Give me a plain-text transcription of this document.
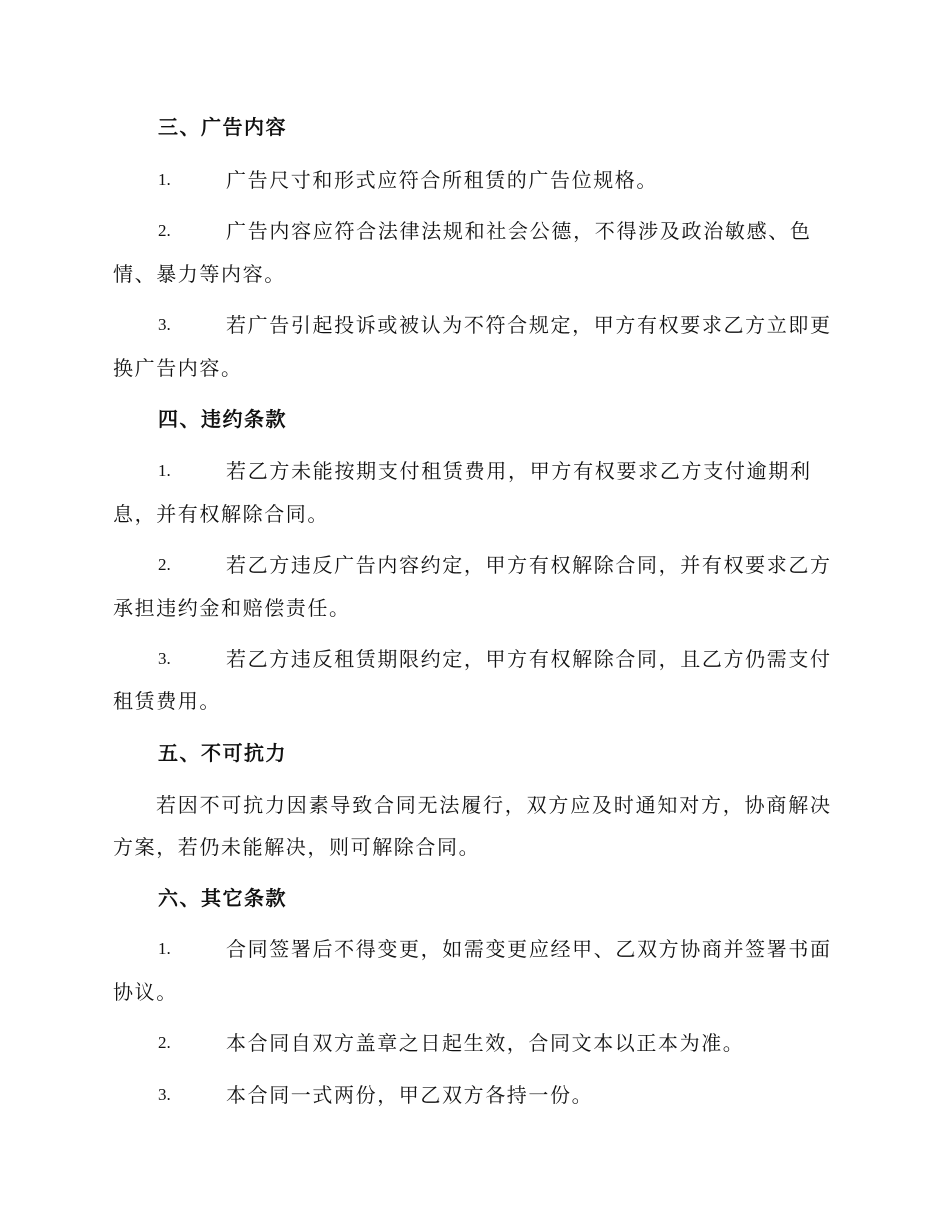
三、广告内容
1.	广告尺寸和形式应符合所租赁的广告位规格。
2.	广告内容应符合法律法规和社会公德，不得涉及政治敏感、色
情、暴力等内容。
3.	若广告引起投诉或被认为不符合规定，甲方有权要求乙方立即更
换广告内容。
四、违约条款
1.	若乙方未能按期支付租赁费用，甲方有权要求乙方支付逾期利
息，并有权解除合同。
2.	若乙方违反广告内容约定，甲方有权解除合同，并有权要求乙方
承担违约金和赔偿责任。
3.	若乙方违反租赁期限约定，甲方有权解除合同，且乙方仍需支付
租赁费用。
五、不可抗力
若因不可抗力因素导致合同无法履行，双方应及时通知对方，协商解决
方案，若仍未能解决，则可解除合同。
六、其它条款
1.	合同签署后不得变更，如需变更应经甲、乙双方协商并签署书面
协议。
2.	本合同自双方盖章之日起生效，合同文本以正本为准。
3.	本合同一式两份，甲乙双方各持一份。
